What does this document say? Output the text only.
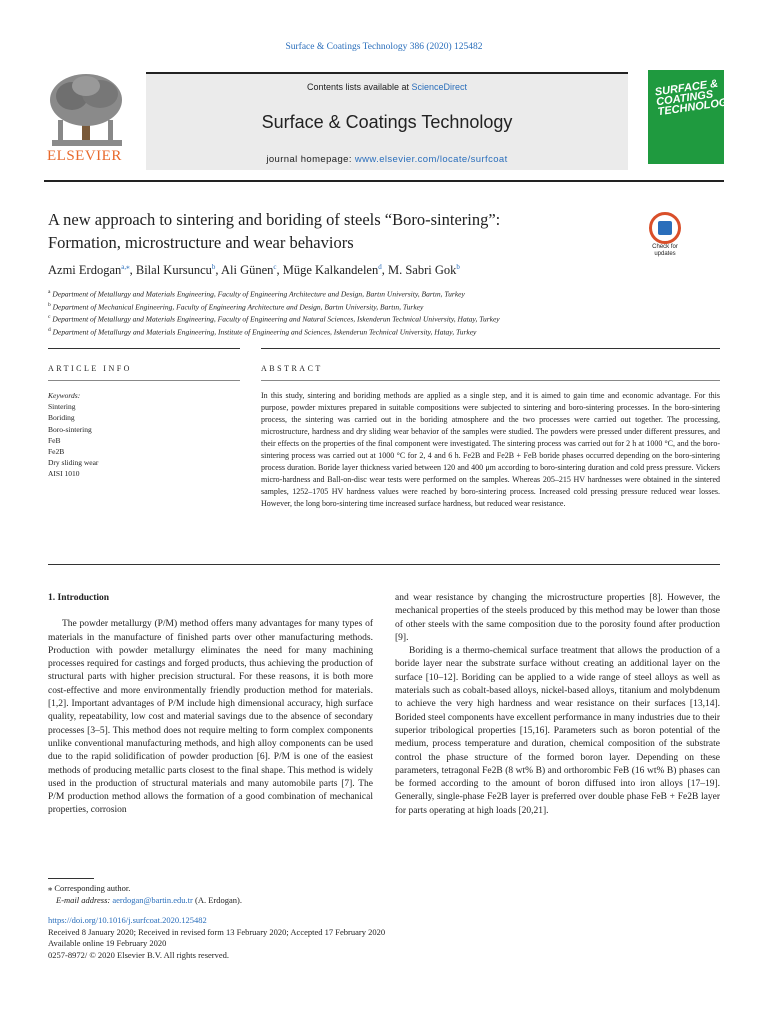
Surface & Coatings Technology 386 (2020) 125482
ELSEVIER
Contents lists available at ScienceDirect
Surface & Coatings Technology
journal homepage: www.elsevier.com/locate/surfcoat
SURFACE & COATINGS TECHNOLOGY
A new approach to sintering and boriding of steels “Boro-sintering”:
Formation, microstructure and wear behaviors	Check for updates
Azmi Erdogan$^{a,⁎}$, Bilal Kursuncu$^b$, Ali Günen$^c$, Müge Kalkandelen$^d$, M. Sabri Gok$^b$
$^a$ Department of Metallurgy and Materials Engineering, Faculty of Engineering Architecture and Design, Bartın University, Bartın, Turkey
$^b$ Department of Mechanical Engineering, Faculty of Engineering Architecture and Design, Bartın University, Bartın, Turkey
$^c$ Department of Metallurgy and Materials Engineering, Faculty of Engineering and Natural Sciences, Iskenderun Technical University, Hatay, Turkey
$^d$ Department of Metallurgy and Materials Engineering, Institute of Engineering and Sciences, Iskenderun Technical University, Hatay, Turkey
ARTICLE INFO	ABSTRACT
Keywords:
Sintering
Boriding
Boro-sintering
FeB
Fe2B
Dry sliding wear
AISI 1010
In this study, sintering and boriding methods are applied as a single step, and it is aimed to gain time and economic advantage. For this purpose, powder mixtures prepared in suitable compositions were subjected to sintering and boro-sintering processes. In the boro-sintering process, the sintering was carried out in the boriding atmosphere and the two processes were carried out together. The processing, microstructure, hardness and dry sliding wear behavior of the samples were studied. The powders were pressed under different pressures, and their effects on the properties of the final component were investigated. The sintering process was carried out for 2 h at 1000 °C, and the boro-sintering process was carried out at 1000 °C for 2, 4 and 6 h. Fe2B and Fe2B + FeB boride phases occurred depending on the boro-sintering process duration. Boride layer thickness varied between 120 and 400 μm according to boro-sintering duration and cold press pressure. Vickers micro-hardness and Ball-on-disc wear tests were performed on the samples. Whereas 205–215 HV hardnesses were obtained in the sintered samples, 1252–1705 HV hardness values were reached by boro-sintering process. Increased cold pressing pressure reduced wear losses. However, the long boro-sintering time increased surface hardness, but reduced wear resistance.

1. Introduction

The powder metallurgy (P/M) method offers many advantages for many types of materials in the manufacture of finished parts over other manufacturing methods. Production with powder metallurgy eliminates the need for many machining processes required for castings and forged products, thus achieving the production of structural parts with higher precision structural. For these reasons, it is both more cost-effective and more environmentally friendly production method for materials. [1,2]. Important advantages of P/M include high dimensional accuracy, high surface quality, repeatability, low cost and material savings due to the absence of secondary processes [3–5]. This method does not require melting to form complex components unlike conventional manufacturing methods, and high alloy components can be used due to the rapid solidification of powder production [6]. P/M is one of the easiest methods of producing metallic parts closest to the final shape. This method is widely used in the production of structural materials and many automobile parts [7]. The P/M production method allows the formation of a good combination of mechanical properties, corrosion

and wear resistance by changing the microstructure properties [8]. However, the mechanical properties of the steels produced by this method may be lower than those of other steels with the same composition due to the porosity found after production [9].

Boriding is a thermo-chemical surface treatment that allows the production of a boride layer near the substrate surface without creating an additional layer on the surface [10–12]. Boriding can be applied to a wide range of steel alloys as well as materials such as cobalt-based alloys, nickel-based alloys, titanium and molybdenum to achieve the very high hardness and wear resistance on their surfaces [13,14]. Borided steel components have excellent performance in many industries due to their superior tribological properties [15,16]. Parameters such as boron potential of the medium, process temperature and duration, chemical composition of the substrate control the phase structure of the formed boron layer. Depending on these parameters, tetragonal Fe2B (8 wt% B) and orthorombic FeB (16 wt% B) phases can be formed according to the amount of boron diffused into iron alloys [17–19]. Generally, single-phase Fe2B layer is preferred over double phase FeB + Fe2B layer for parts operating at high loads [20,21].

⁎ Corresponding author.
E-mail address: aerdogan@bartin.edu.tr (A. Erdogan).
https://doi.org/10.1016/j.surfcoat.2020.125482
Received 8 January 2020; Received in revised form 13 February 2020; Accepted 17 February 2020
Available online 19 February 2020
0257-8972/ © 2020 Elsevier B.V. All rights reserved.
